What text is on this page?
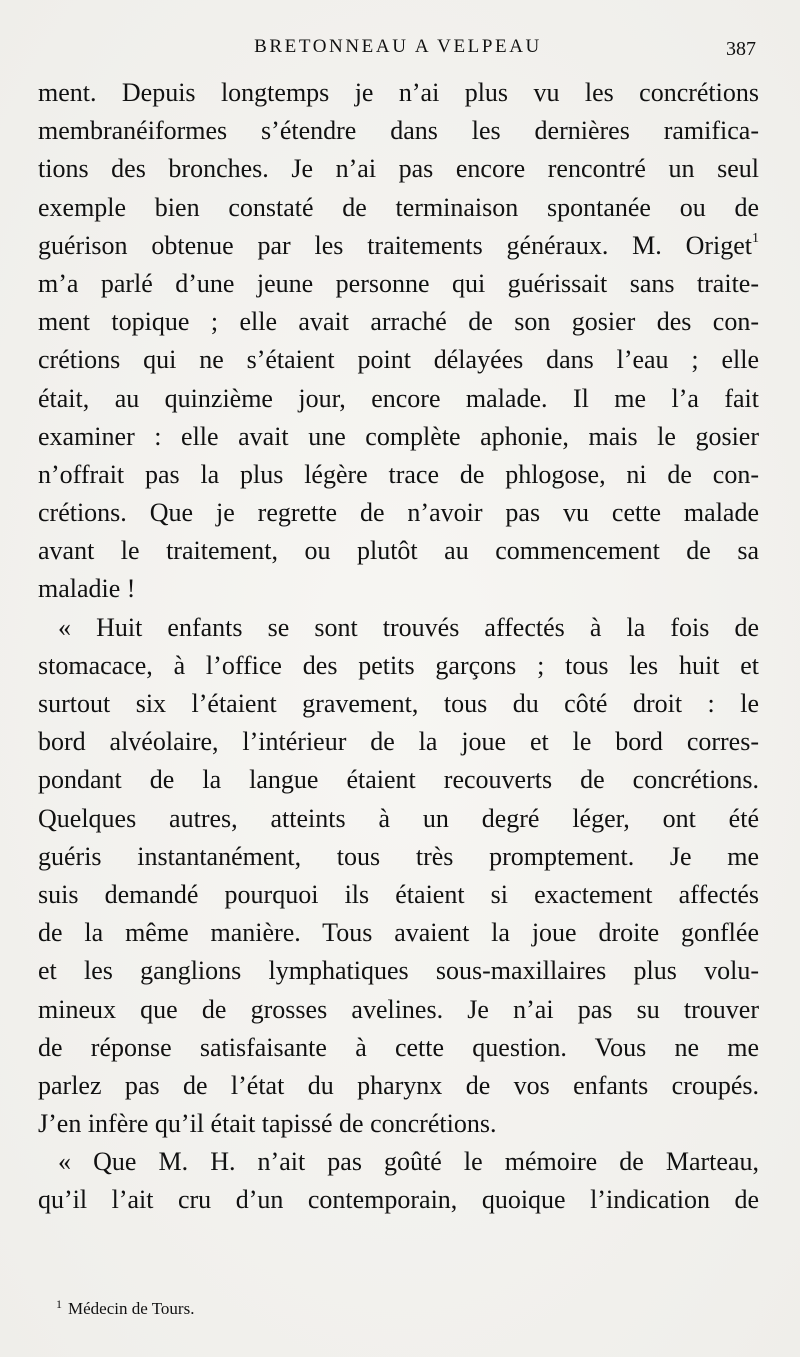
BRETONNEAU A VELPEAU	387
ment. Depuis longtemps je n’ai plus vu les concrétions
membranéiformes s’étendre dans les dernières ramifica-
tions des bronches. Je n’ai pas encore rencontré un seul
exemple bien constaté de terminaison spontanée ou de
guérison obtenue par les traitements généraux. M. Origet$^1$
m’a parlé d’une jeune personne qui guérissait sans traite-
ment topique ; elle avait arraché de son gosier des con-
crétions qui ne s’étaient point délayées dans l’eau ; elle
était, au quinzième jour, encore malade. Il me l’a fait
examiner : elle avait une complète aphonie, mais le gosier
n’offrait pas la plus légère trace de phlogose, ni de con-
crétions. Que je regrette de n’avoir pas vu cette malade
avant le traitement, ou plutôt au commencement de sa
maladie !
« Huit enfants se sont trouvés affectés à la fois de
stomacace, à l’office des petits garçons ; tous les huit et
surtout six l’étaient gravement, tous du côté droit : le
bord alvéolaire, l’intérieur de la joue et le bord corres-
pondant de la langue étaient recouverts de concrétions.
Quelques autres, atteints à un degré léger, ont été
guéris instantanément, tous très promptement. Je me
suis demandé pourquoi ils étaient si exactement affectés
de la même manière. Tous avaient la joue droite gonflée
et les ganglions lymphatiques sous-maxillaires plus volu-
mineux que de grosses avelines. Je n’ai pas su trouver
de réponse satisfaisante à cette question. Vous ne me
parlez pas de l’état du pharynx de vos enfants croupés.
J’en infère qu’il était tapissé de concrétions.
« Que M. H. n’ait pas goûté le mémoire de Marteau,
qu’il l’ait cru d’un contemporain, quoique l’indication de
$^1$ Médecin de Tours.
